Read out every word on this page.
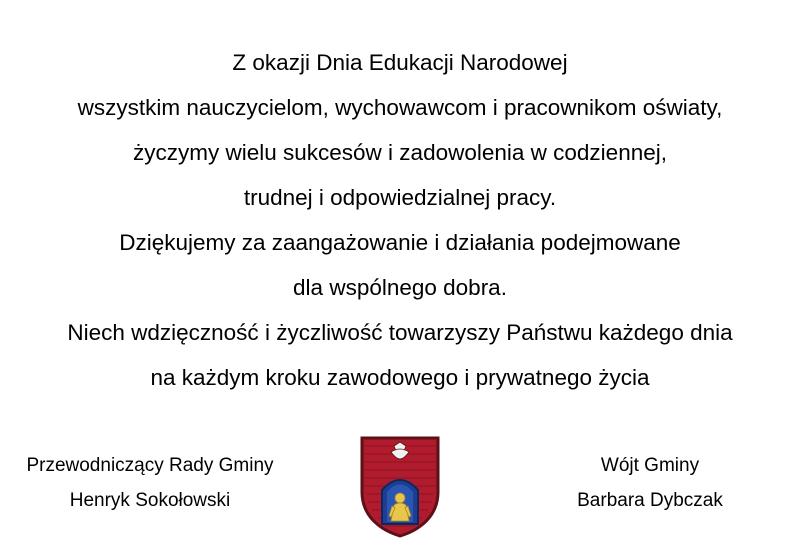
Z okazji Dnia Edukacji Narodowej
wszystkim nauczycielom, wychowawcom i pracownikom oświaty,
życzymy wielu sukcesów i zadowolenia w codziennej,
trudnej i odpowiedzialnej pracy.
Dziękujemy za zaangażowanie i działania podejmowane
dla wspólnego dobra.
Niech wdzięczność i życzliwość towarzyszy Państwu każdego dnia
na każdym kroku zawodowego i prywatnego życia
Przewodniczący Rady Gminy
Henryk Sokołowski
Wójt Gminy
Barbara Dybczak
